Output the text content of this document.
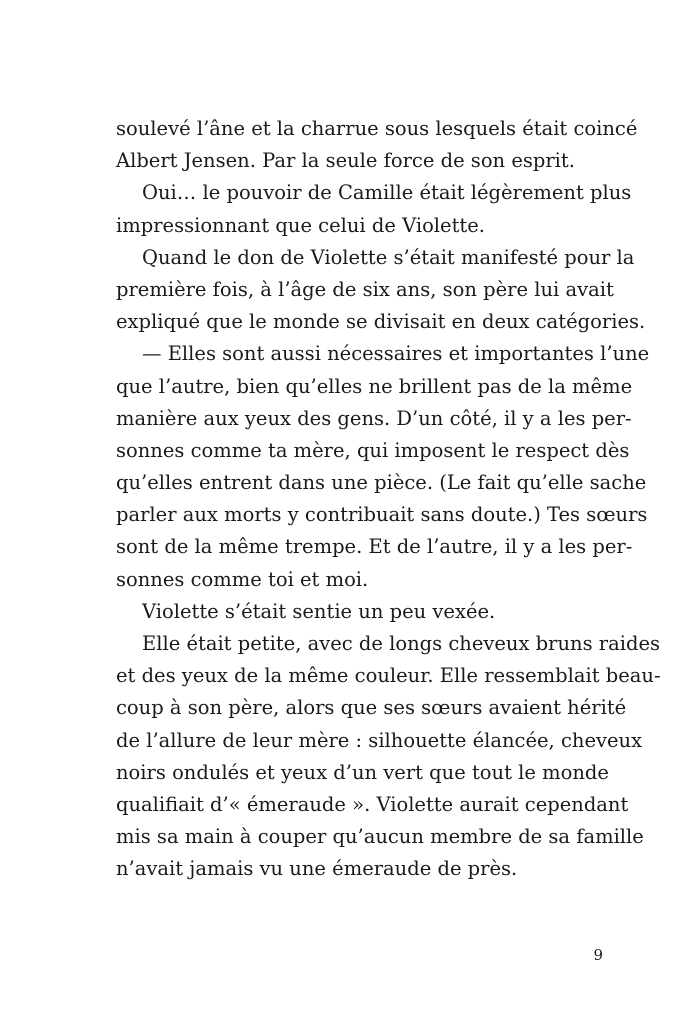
soulevé l’âne et la charrue sous lesquels était coincé
Albert Jensen. Par la seule force de son esprit.
Oui… le pouvoir de Camille était légèrement plus
impressionnant que celui de Violette.
Quand le don de Violette s’était manifesté pour la
première fois, à l’âge de six ans, son père lui avait
expliqué que le monde se divisait en deux catégories.
— Elles sont aussi nécessaires et importantes l’une
que l’autre, bien qu’elles ne brillent pas de la même
manière aux yeux des gens. D’un côté, il y a les per-
sonnes comme ta mère, qui imposent le respect dès
qu’elles entrent dans une pièce. (Le fait qu’elle sache
parler aux morts y contribuait sans doute.) Tes sœurs
sont de la même trempe. Et de l’autre, il y a les per-
sonnes comme toi et moi.
Violette s’était sentie un peu vexée.
Elle était petite, avec de longs cheveux bruns raides
et des yeux de la même couleur. Elle ressemblait beau-
coup à son père, alors que ses sœurs avaient hérité
de l’allure de leur mère : silhouette élancée, cheveux
noirs ondulés et yeux d’un vert que tout le monde
qualifiait d’« émeraude ». Violette aurait cependant
mis sa main à couper qu’aucun membre de sa famille
n’avait jamais vu une émeraude de près.
9
